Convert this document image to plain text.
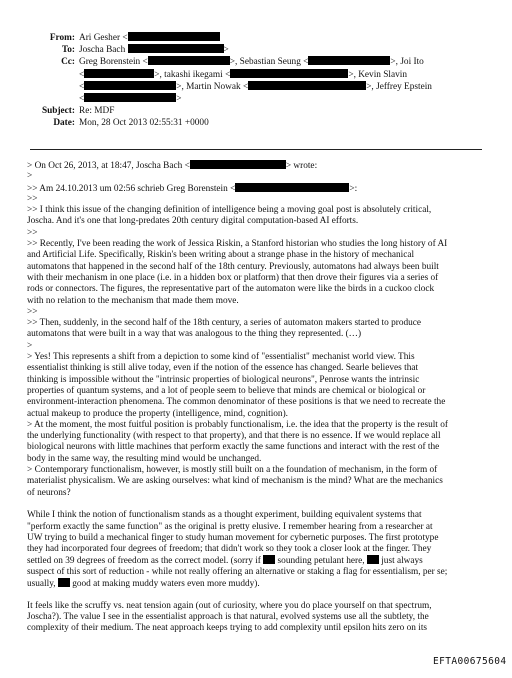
From: Ari Gesher <
To: Joscha Bach	>
Cc: Greg Borenstein <	>, Sebastian Seung <	>, Joi Ito
<	>, takashi ikegami <	>, Kevin Slavin
<	>, Martin Nowak <	>, Jeffrey Epstein
<	>
Subject: Re: MDF
Date: Mon, 28 Oct 2013 02:55:31 +0000
> On Oct 26, 2013, at 18:47, Joscha Bach <	> wrote:
>
>> Am 24.10.2013 um 02:56 schrieb Greg Borenstein <	>:
>>
>> I think this issue of the changing definition of intelligence being a moving goal post is absolutely critical,
Joscha. And it's one that long-predates 20th century digital computation-based AI efforts.
>>
>> Recently, I've been reading the work of Jessica Riskin, a Stanford historian who studies the long history of AI
and Artificial Life. Specifically, Riskin's been writing about a strange phase in the history of mechanical
automatons that happened in the second half of the 18th century. Previously, automatons had always been built
with their mechanism in one place (i.e. in a hidden box or platform) that then drove their figures via a series of
rods or connectors. The figures, the representative part of the automaton were like the birds in a cuckoo clock
with no relation to the mechanism that made them move.
>>
>> Then, suddenly, in the second half of the 18th century, a series of automaton makers started to produce
automatons that were built in a way that was analogous to the thing they represented. (…)
>
> Yes! This represents a shift from a depiction to some kind of "essentialist" mechanist world view. This
essentialist thinking is still alive today, even if the notion of the essence has changed. Searle believes that
thinking is impossible without the "intrinsic properties of biological neurons", Penrose wants the intrinsic
properties of quantum systems, and a lot of people seem to believe that minds are chemical or biological or
environment-interaction phenomena. The common denominator of these positions is that we need to recreate the
actual makeup to produce the property (intelligence, mind, cognition).
> At the moment, the most fuitful position is probably functionalism, i.e. the idea that the property is the result of
the underlying functionality (with respect to that property), and that there is no essence. If we would replace all
biological neurons with little machines that perform exactly the same functions and interact with the rest of the
body in the same way, the resulting mind would be unchanged.
> Contemporary functionalism, however, is mostly still built on a the foundation of mechanism, in the form of
materialist physicalism. We are asking ourselves: what kind of mechanism is the mind? What are the mechanics
of neurons?
While I think the notion of functionalism stands as a thought experiment, building equivalent systems that
"perform exactly the same function" as the original is pretty elusive. I remember hearing from a researcher at
UW trying to build a mechanical finger to study human movement for cybernetic purposes. The first prototype
they had incorporated four degrees of freedom; that didn't work so they took a closer look at the finger. They
settled on 39 degrees of freedom as the correct model. (sorry if sounding petulant here, just always
suspect of this sort of reduction - while not really offering an alternative or staking a flag for essentialism, per se;
usually, good at making muddy waters even more muddy).
It feels like the scruffy vs. neat tension again (out of curiosity, where you do place yourself on that spectrum,
Joscha?). The value I see in the essentialist approach is that natural, evolved systems use all the subtlety, the
complexity of their medium. The neat approach keeps trying to add complexity until epsilon hits zero on its
EFTA00675604
